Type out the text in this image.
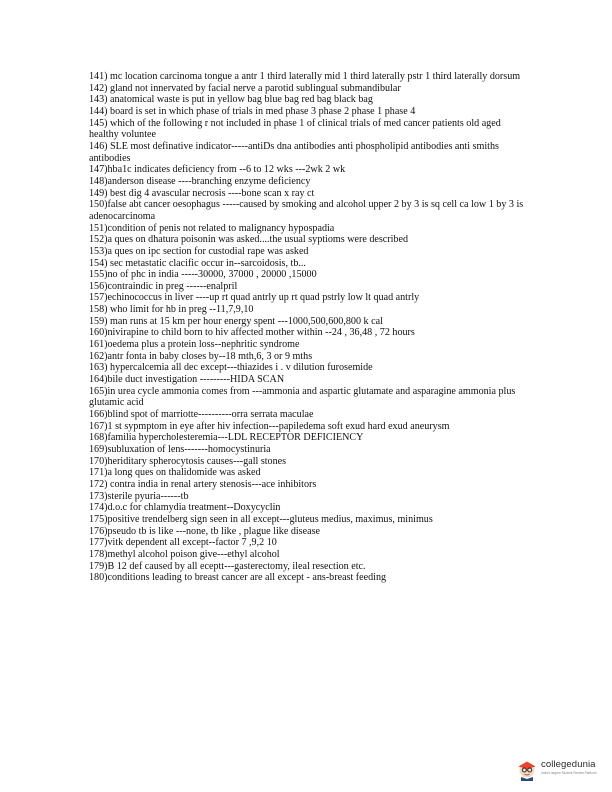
141) mc location carcinoma tongue a antr 1 third laterally mid 1 third laterally pstr 1 third laterally dorsum
142) gland not innervated by facial nerve a parotid sublingual submandibular
143) anatomical waste is put in yellow bag blue bag red bag black bag
144) board is set in which phase of trials in med phase 3 phase 2 phase 1 phase 4
145) which of the following r not included in phase 1 of clinical trials of med cancer patients old aged healthy voluntee
146) SLE most definative indicator-----antiDs dna antibodies anti phospholipid antibodies anti smiths antibodies
147)hba1c indicates deficiency from --6 to 12 wks ---2wk 2 wk
148)anderson disease ----branching enzyme deficiency
149) best dig 4 avascular necrosis ----bone scan x ray ct
150)false abt cancer oesophagus -----caused by smoking and alcohol upper 2 by 3 is sq cell ca low 1 by 3 is adenocarcinoma
151)condition of penis not related to malignancy hypospadia
152)a ques on dhatura poisonin was asked....the usual syptioms were described
153)a ques on ipc section for custodial rape was asked
154) sec metastatic clacific occur in--sarcoidosis, tb...
155)no of phc in india -----30000, 37000 , 20000 ,15000
156)contraindic in preg ------enalpril
157)echinococcus in liver ----up rt quad antrly up rt quad pstrly low lt quad antrly
158) who limit for hb in preg --11,7,9,10
159) man runs at 15 km per hour energy spent ---1000,500,600,800 k cal
160)nivirapine to child born to hiv affected mother within --24 , 36,48 , 72 hours
161)oedema plus a protein loss--nephritic syndrome
162)antr fonta in baby closes by--18 mth,6, 3 or 9 mths
163) hypercalcemia all dec except---thiazides i . v dilution furosemide
164)bile duct investigation ---------HIDA SCAN
165)in urea cycle ammonia comes from ---ammonia and aspartic glutamate and asparagine ammonia plus glutamic acid
166)blind spot of marriotte----------orra serrata maculae
167)1 st sypmptom in eye after hiv infection---papiledema soft exud hard exud aneurysm
168)familia hypercholesteremia---LDL RECEPTOR DEFICIENCY
169)subluxation of lens-------homocystinuria
170)heriditary spherocytosis causes---gall stones
171)a long ques on thalidomide was asked
172) contra india in renal artery stenosis---ace inhibitors
173)sterile pyuria------tb
174)d.o.c for chlamydia treatment--Doxycyclin
175)positive trendelberg sign seen in all except---gluteus medius, maximus, minimus
176)pseudo tb is like ---none, tb like , plague like disease
177)vitk dependent all except--factor 7 ,9,2 10
178)methyl alcohol poison give---ethyl alcohol
179)B 12 def caused by all eceptt---gasterectomy, ileal resection etc.
180)conditions leading to breast cancer are all except - ans-breast feeding
collegedunia
India's largest Student Review Platform
